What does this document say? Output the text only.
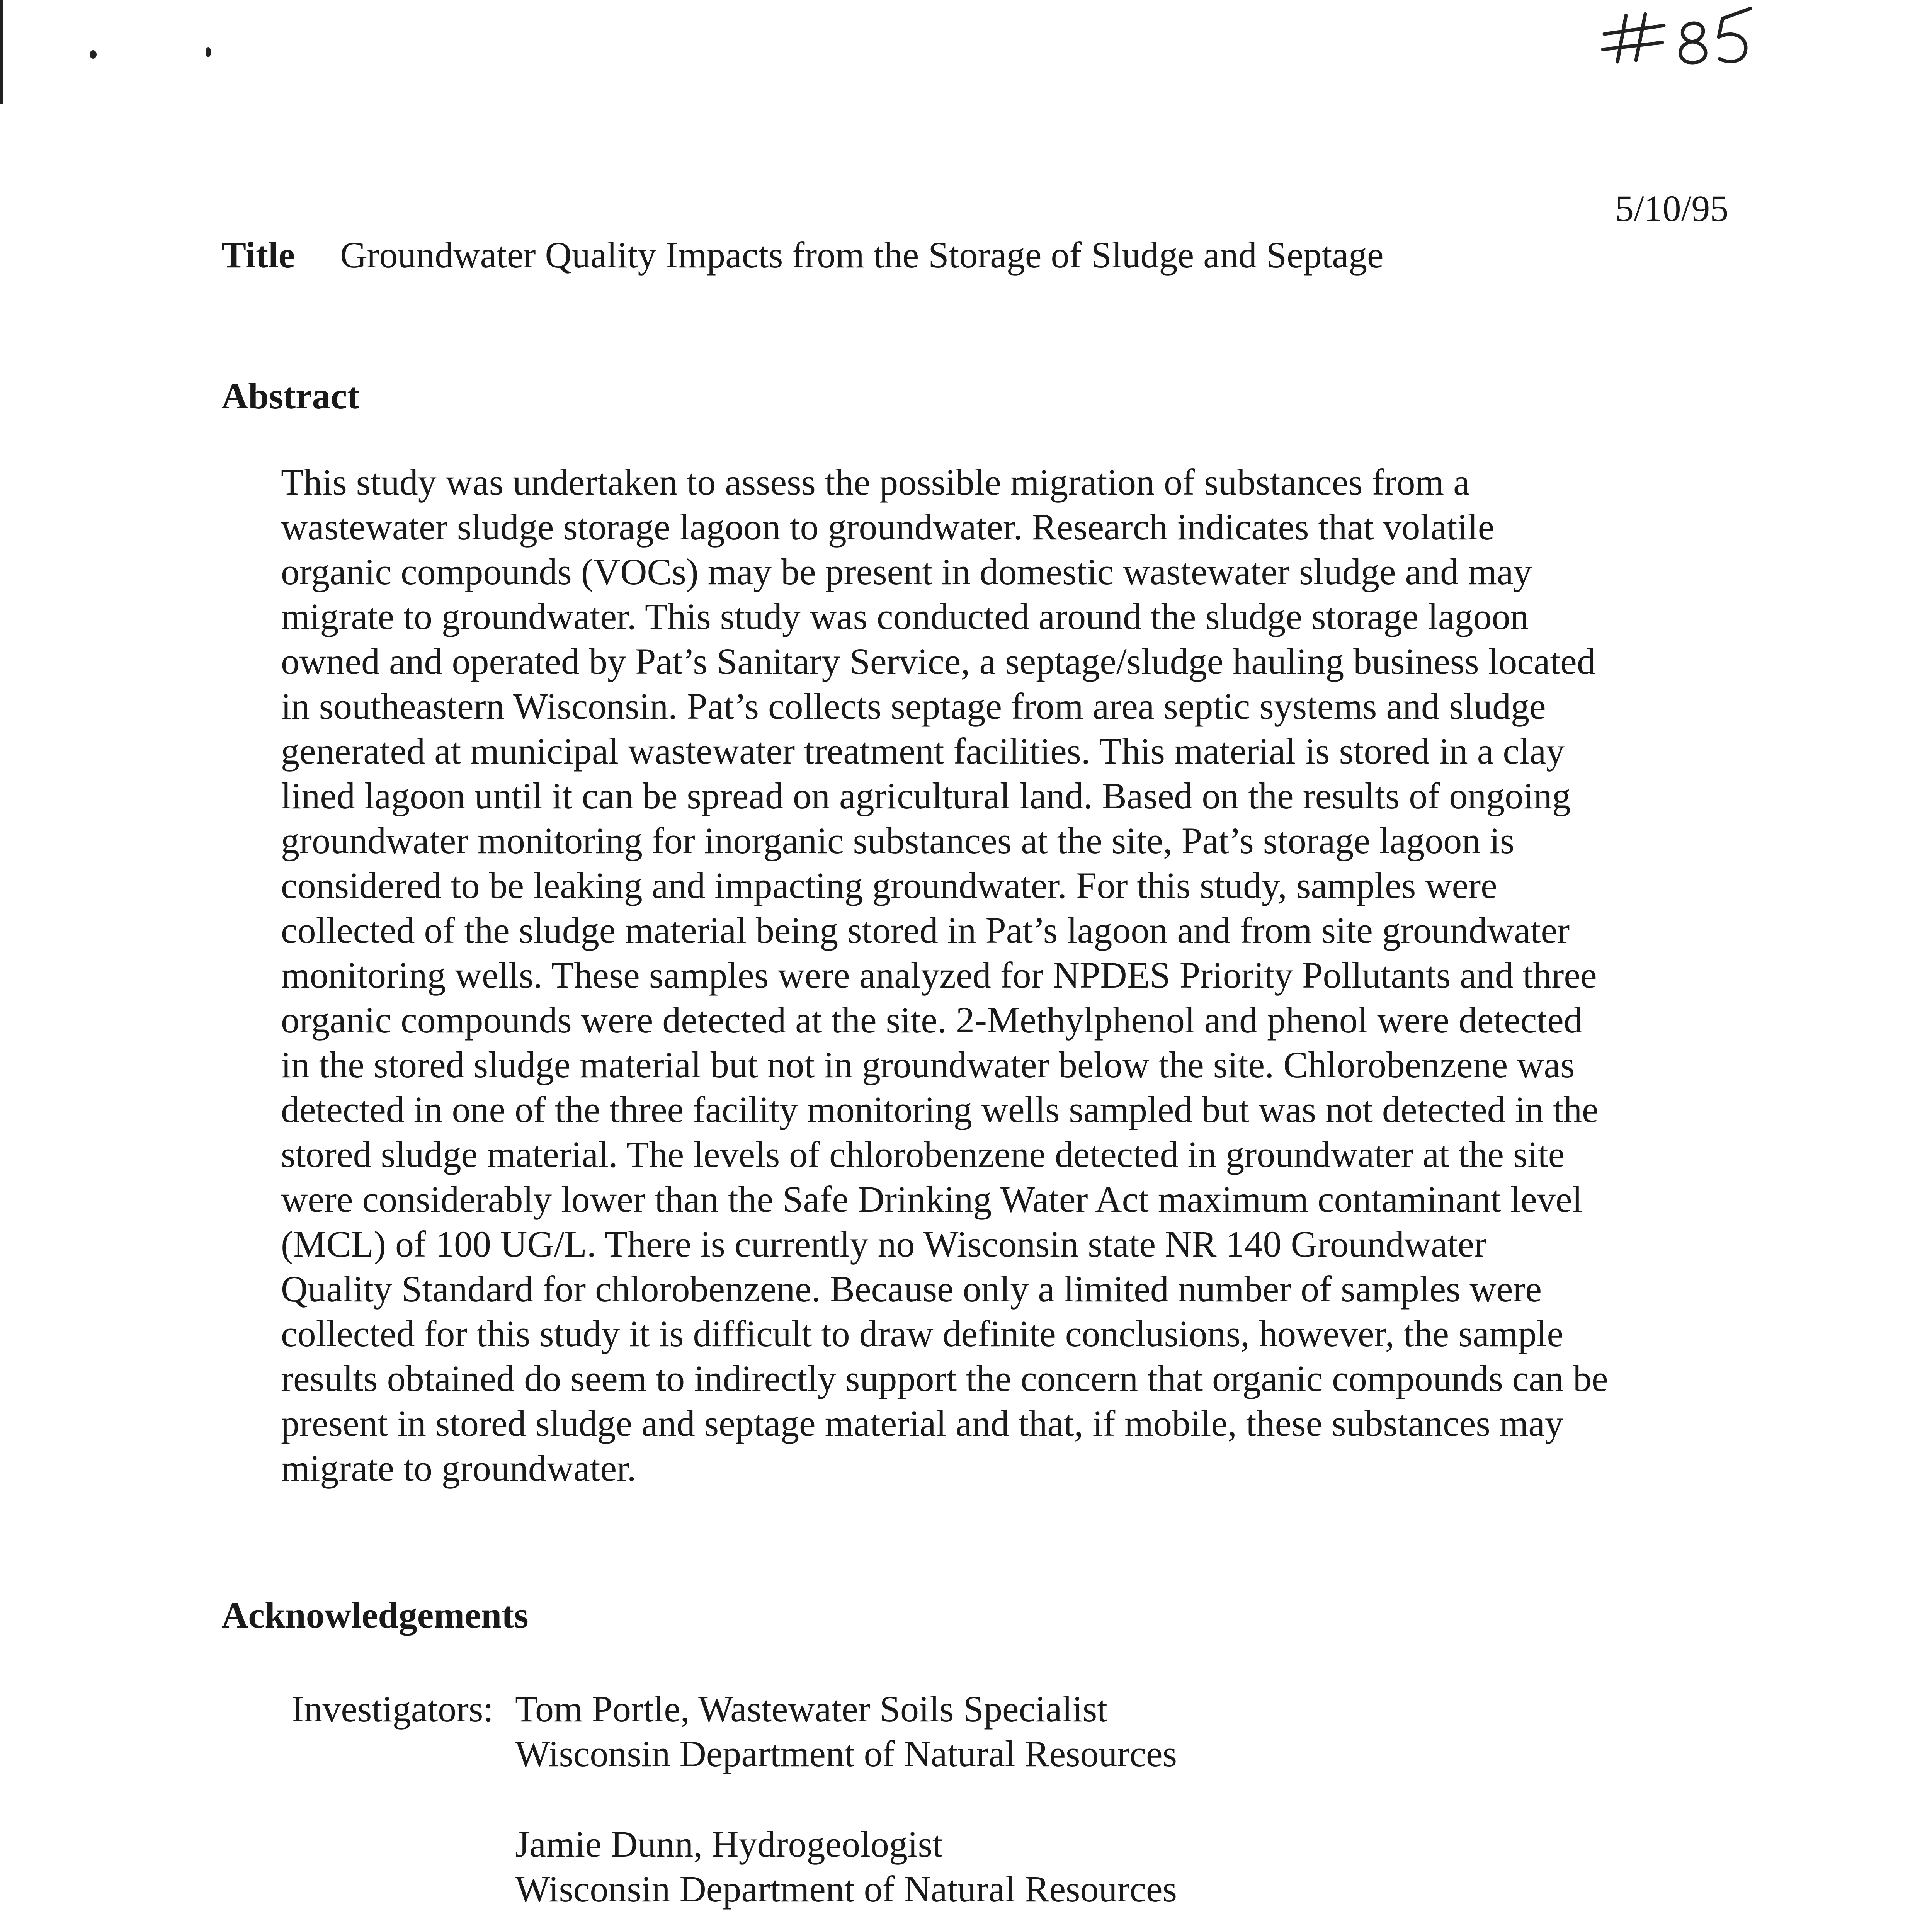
5/10/95
Title Groundwater Quality Impacts from the Storage of Sludge and Septage
Abstract
This study was undertaken to assess the possible migration of substances from a
wastewater sludge storage lagoon to groundwater. Research indicates that volatile
organic compounds (VOCs) may be present in domestic wastewater sludge and may
migrate to groundwater. This study was conducted around the sludge storage lagoon
owned and operated by Pat’s Sanitary Service, a septage/sludge hauling business located
in southeastern Wisconsin. Pat’s collects septage from area septic systems and sludge
generated at municipal wastewater treatment facilities. This material is stored in a clay
lined lagoon until it can be spread on agricultural land. Based on the results of ongoing
groundwater monitoring for inorganic substances at the site, Pat’s storage lagoon is
considered to be leaking and impacting groundwater. For this study, samples were
collected of the sludge material being stored in Pat’s lagoon and from site groundwater
monitoring wells. These samples were analyzed for NPDES Priority Pollutants and three
organic compounds were detected at the site. 2-Methylphenol and phenol were detected
in the stored sludge material but not in groundwater below the site. Chlorobenzene was
detected in one of the three facility monitoring wells sampled but was not detected in the
stored sludge material. The levels of chlorobenzene detected in groundwater at the site
were considerably lower than the Safe Drinking Water Act maximum contaminant level
(MCL) of 100 UG/L. There is currently no Wisconsin state NR 140 Groundwater
Quality Standard for chlorobenzene. Because only a limited number of samples were
collected for this study it is difficult to draw definite conclusions, however, the sample
results obtained do seem to indirectly support the concern that organic compounds can be
present in stored sludge and septage material and that, if mobile, these substances may
migrate to groundwater.
Acknowledgements
Investigators: Tom Portle, Wastewater Soils Specialist
Wisconsin Department of Natural Resources
Jamie Dunn, Hydrogeologist
Wisconsin Department of Natural Resources
